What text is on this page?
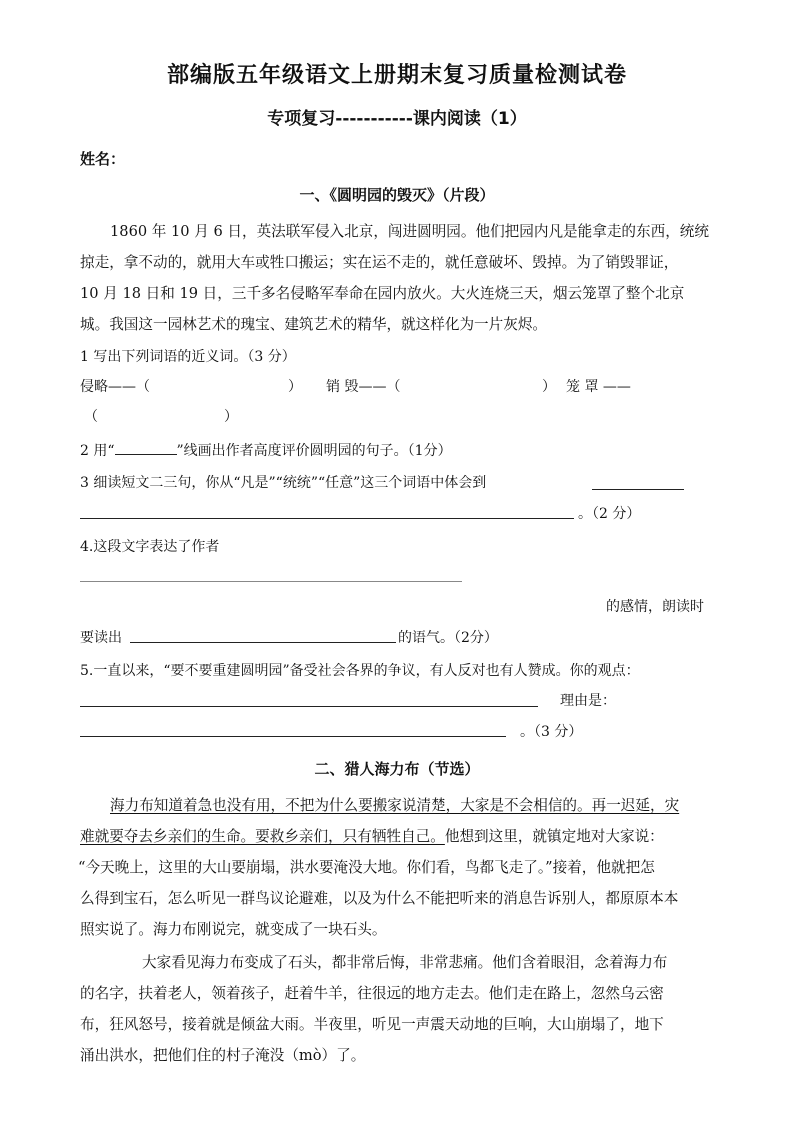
部编版五年级语文上册期末复习质量检测试卷
专项复习-----------课内阅读（1）
姓名：
一、《圆明园的毁灭》（片段）
1860 年 10 月 6 日，英法联军侵入北京，闯进圆明园。他们把园内凡是能拿走的东西，统统
掠走，拿不动的，就用大车或牲口搬运；实在运不走的，就任意破坏、毁掉。为了销毁罪证，
10 月 18 日和 19 日，三千多名侵略军奉命在园内放火。大火连烧三天，烟云笼罩了整个北京
城。我国这一园林艺术的瑰宝、建筑艺术的精华，就这样化为一片灰烬。
1 写出下列词语的近义词。（3 分）
侵略——（	） 销 毁——（	） 笼 罩 ——
（	）
2 用“	”线画出作者高度评价圆明园的句子。（1分）
3 细读短文二三句，你从“凡是”“统统”“任意”这三个词语中体会到
。（2 分）
4.这段文字表达了作者
的感情，朗读时
要读出	的语气。（2分）
5.一直以来，“要不要重建圆明园”备受社会各界的争议，有人反对也有人赞成。你的观点：
理由是：
。（3 分）
二、猎人海力布（节选）
海力布知道着急也没有用，不把为什么要搬家说清楚，大家是不会相信的。再一迟延，灾
难就要夺去乡亲们的生命。要救乡亲们，只有牺牲自己。他想到这里，就镇定地对大家说：
“今天晚上，这里的大山要崩塌，洪水要淹没大地。你们看，鸟都飞走了。”接着，他就把怎
么得到宝石，怎么听见一群鸟议论避难，以及为什么不能把听来的消息告诉别人，都原原本本
照实说了。海力布刚说完，就变成了一块石头。
大家看见海力布变成了石头，都非常后悔，非常悲痛。他们含着眼泪，念着海力布
的名字，扶着老人，领着孩子，赶着牛羊，往很远的地方走去。他们走在路上，忽然乌云密
布，狂风怒号，接着就是倾盆大雨。半夜里，听见一声震天动地的巨响，大山崩塌了，地下
涌出洪水，把他们住的村子淹没（mò）了。
